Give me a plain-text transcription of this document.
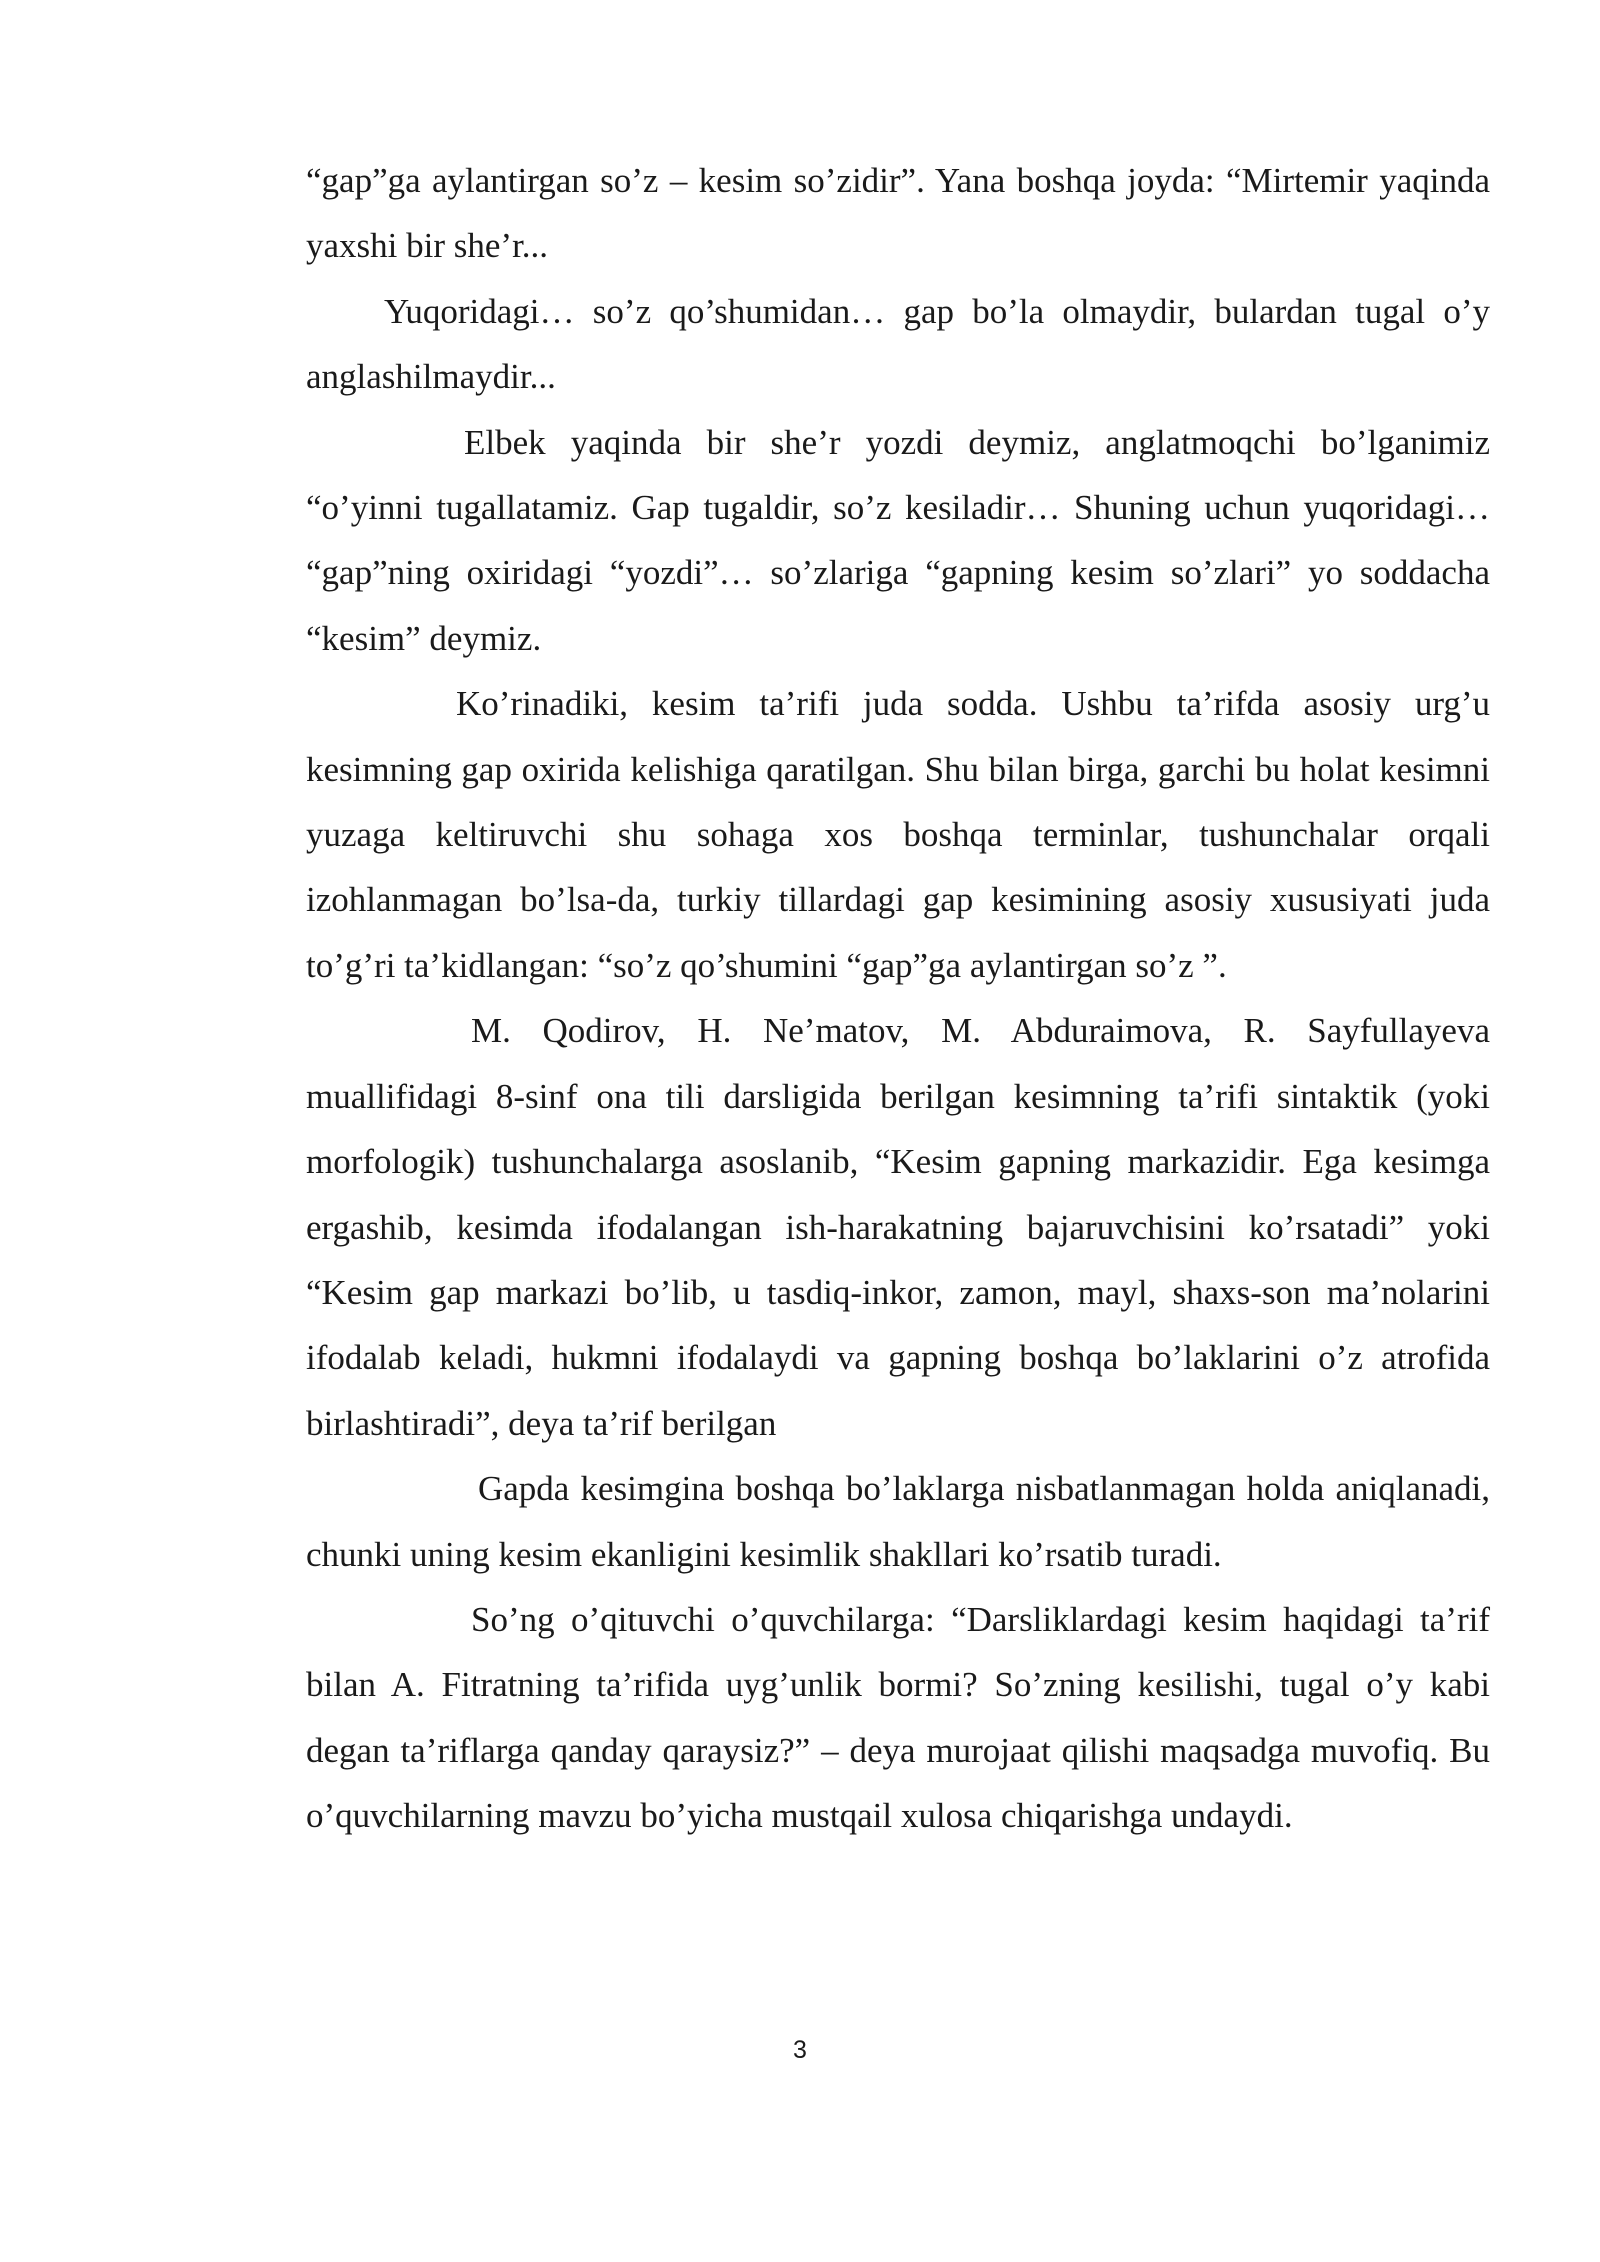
“gap”ga aylantirgan so’z – kesim so’zidir”. Yana boshqa joyda: “Mirtemir yaqinda yaxshi bir she’r...

Yuqoridagi… so’z qo’shumidan… gap bo’la olmaydir, bulardan tugal o’y anglashilmaydir...

Elbek yaqinda bir she’r yozdi deymiz, anglatmoqchi bo’lganimiz “o’yinni tugallatamiz. Gap tugaldir, so’z kesiladir… Shuning uchun yuqoridagi… “gap”ning oxiridagi “yozdi”… so’zlariga “gapning kesim so’zlari” yo soddacha “kesim” deymiz.

Ko’rinadiki, kesim ta’rifi juda sodda. Ushbu ta’rifda asosiy urg’u kesimning gap oxirida kelishiga qaratilgan. Shu bilan birga, garchi bu holat kesimni yuzaga keltiruvchi shu sohaga xos boshqa terminlar, tushunchalar orqali izohlanmagan bo’lsa-da, turkiy tillardagi gap kesimining asosiy xususiyati juda to’g’ri ta’kidlangan: “so’z qo’shumini “gap”ga aylantirgan so’z ”.

M. Qodirov, H. Ne’matov, M. Abduraimova, R. Sayfullayeva muallifidagi 8-sinf ona tili darsligida berilgan kesimning ta’rifi sintaktik (yoki morfologik) tushunchalarga asoslanib, “Kesim gapning markazidir. Ega kesimga ergashib, kesimda ifodalangan ish-harakatning bajaruvchisini ko’rsatadi” yoki “Kesim gap markazi bo’lib, u tasdiq-inkor, zamon, mayl, shaxs-son ma’nolarini ifodalab keladi, hukmni ifodalaydi va gapning boshqa bo’laklarini o’z atrofida birlashtiradi”, deya ta’rif berilgan

Gapda kesimgina boshqa bo’laklarga nisbatlanmagan holda aniqlanadi, chunki uning kesim ekanligini kesimlik shakllari ko’rsatib turadi.

So’ng o’qituvchi o’quvchilarga: “Darsliklardagi kesim haqidagi ta’rif bilan A. Fitratning ta’rifida uyg’unlik bormi? So’zning kesilishi, tugal o’y kabi degan ta’riflarga qanday qaraysiz?” – deya murojaat qilishi maqsadga muvofiq. Bu o’quvchilarning mavzu bo’yicha mustqail xulosa chiqarishga undaydi.

3
